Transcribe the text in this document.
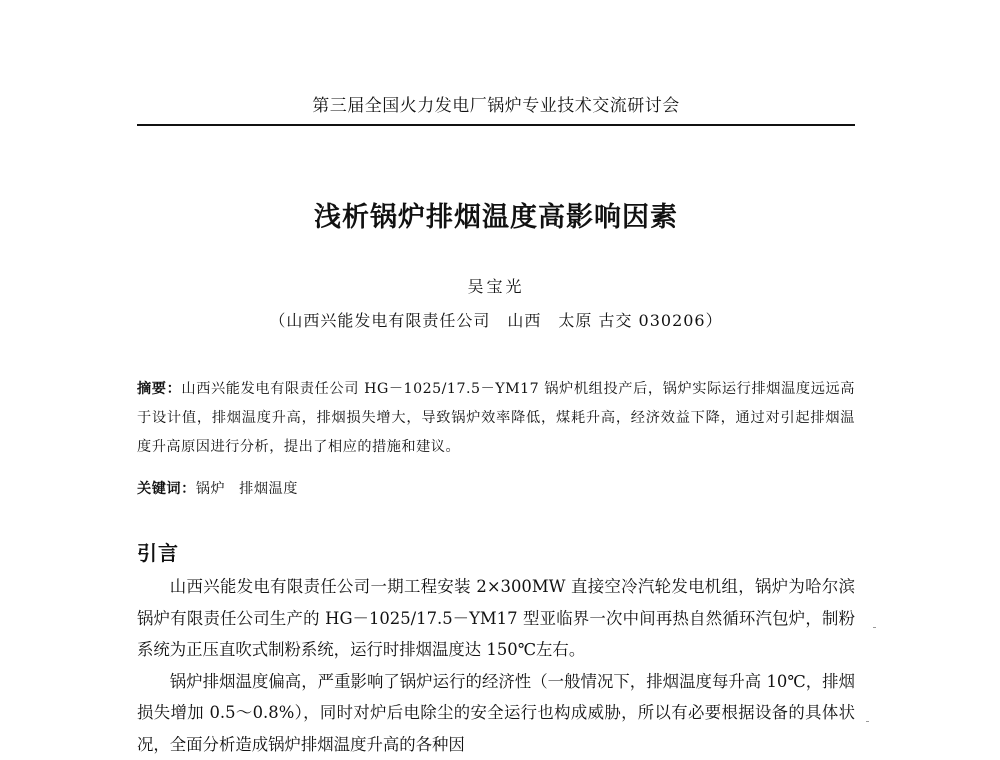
第三届全国火力发电厂锅炉专业技术交流研讨会
浅析锅炉排烟温度高影响因素
吴宝光
（山西兴能发电有限责任公司　山西　太原 古交 030206）
摘要：山西兴能发电有限责任公司 HG－1025/17.5－YM17 锅炉机组投产后，锅炉实际运行排烟温度远远高于设计值，排烟温度升高，排烟损失增大，导致锅炉效率降低，煤耗升高，经济效益下降，通过对引起排烟温度升高原因进行分析，提出了相应的措施和建议。
关键词：锅炉 排烟温度
引言

山西兴能发电有限责任公司一期工程安装 2×300MW 直接空冷汽轮发电机组，锅炉为哈尔滨锅炉有限责任公司生产的 HG－1025/17.5－YM17 型亚临界一次中间再热自然循环汽包炉，制粉系统为正压直吹式制粉系统，运行时排烟温度达 150℃左右。

锅炉排烟温度偏高，严重影响了锅炉运行的经济性（一般情况下，排烟温度每升高 10℃，排烟损失增加 0.5～0.8%），同时对炉后电除尘的安全运行也构成威胁，所以有必要根据设备的具体状况，全面分析造成锅炉排烟温度升高的各种因
